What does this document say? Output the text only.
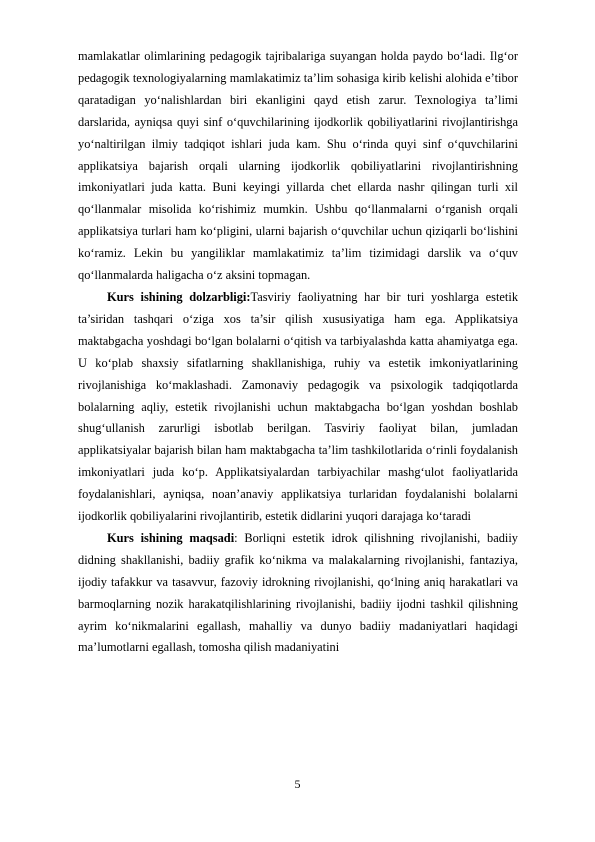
mamlakatlar olimlarining pedagogik tajribalariga suyangan holda paydo bo‘ladi. Ilg‘or pedagogik texnologiyalarning mamlakatimiz ta’lim sohasiga kirib kelishi alohida e’tibor qaratadigan yo‘nalishlardan biri ekanligini qayd etish zarur. Texnologiya ta’limi darslarida, ayniqsa quyi sinf o‘quvchilarining ijodkorlik qobiliyatlarini rivojlantirishga yo‘naltirilgan ilmiy tadqiqot ishlari juda kam. Shu o‘rinda quyi sinf o‘quvchilarini applikatsiya bajarish orqali ularning ijodkorlik qobiliyatlarini rivojlantirishning imkoniyatlari juda katta. Buni keyingi yillarda chet ellarda nashr qilingan turli xil qo‘llanmalar misolida ko‘rishimiz mumkin. Ushbu qo‘llanmalarni o‘rganish orqali applikatsiya turlari ham ko‘pligini, ularni bajarish o‘quvchilar uchun qiziqarli bo‘lishini ko‘ramiz. Lekin bu yangiliklar mamlakatimiz ta’lim tizimidagi darslik va o‘quv qo‘llanmalarda haligacha o‘z aksini topmagan.

Kurs ishining dolzarbligi:Tasviriy faoliyatning har bir turi yoshlarga estetik ta’siridan tashqari o‘ziga xos ta’sir qilish xususiyatiga ham ega. Applikatsiya maktabgacha yoshdagi bo‘lgan bolalarni o‘qitish va tarbiyalashda katta ahamiyatga ega. U ko‘plab shaxsiy sifatlarning shakllanishiga, ruhiy va estetik imkoniyatlarining rivojlanishiga ko‘maklashadi. Zamonaviy pedagogik va psixologik tadqiqotlarda bolalarning aqliy, estetik rivojlanishi uchun maktabgacha bo‘lgan yoshdan boshlab shug‘ullanish zarurligi isbotlab berilgan. Tasviriy faoliyat bilan, jumladan applikatsiyalar bajarish bilan ham maktabgacha ta’lim tashkilotlarida o‘rinli foydalanish imkoniyatlari juda ko‘p. Applikatsiyalardan tarbiyachilar mashg‘ulot faoliyatlarida foydalanishlari, ayniqsa, noan’anaviy applikatsiya turlaridan foydalanishi bolalarni ijodkorlik qobiliyalarini rivojlantirib, estetik didlarini yuqori darajaga ko‘taradi

Kurs ishining maqsadi: Borliqni estetik idrok qilishning rivojlanishi, badiiy didning shakllanishi, badiiy grafik ko‘nikma va malakalarning rivojlanishi, fantaziya, ijodiy tafakkur va tasavvur, fazoviy idrokning rivojlanishi, qo‘lning aniq harakatlari va barmoqlarning nozik harakatqilishlarining rivojlanishi, badiiy ijodni tashkil qilishning ayrim ko‘nikmalarini egallash, mahalliy va dunyo badiiy madaniyatlari haqidagi ma’lumotlarni egallash, tomosha qilish madaniyatini

5
